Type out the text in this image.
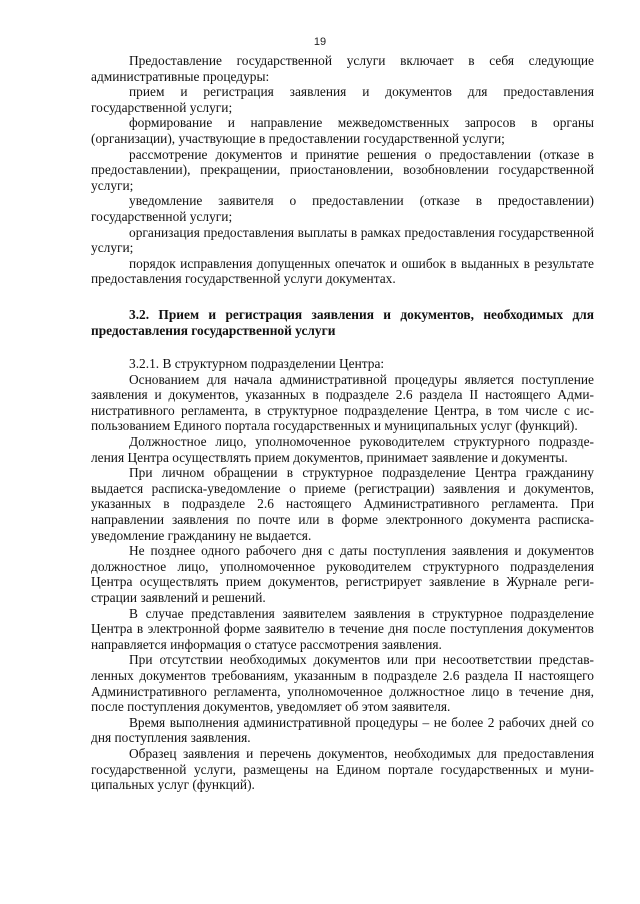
19

Предоставление государственной услуги включает в себя следующие административные процедуры:

прием и регистрация заявления и документов для предоставления государственной услуги;

формирование и направление межведомственных запросов в органы (организации), участвующие в предоставлении государственной услуги;

рассмотрение документов и принятие решения о предоставлении (отказе в предоставлении), прекращении, приостановлении, возобновлении государственной услуги;

уведомление заявителя о предоставлении (отказе в предоставлении) государственной услуги;

организация предоставления выплаты в рамках предоставления государственной услуги;

порядок исправления допущенных опечаток и ошибок в выданных в результате предоставления государственной услуги документах.

3.2. Прием и регистрация заявления и документов, необходимых для предоставления государственной услуги

3.2.1. В структурном подразделении Центра:

Основанием для начала административной процедуры является поступление заявления и документов, указанных в подразделе 2.6 раздела II настоящего Административного регламента, в структурное подразделение Центра, в том числе с использованием Единого портала государственных и муниципальных услуг (функций).

Должностное лицо, уполномоченное руководителем структурного подразделения Центра осуществлять прием документов, принимает заявление и документы.

При личном обращении в структурное подразделение Центра гражданину выдается расписка-уведомление о приеме (регистрации) заявления и документов, указанных в подразделе 2.6 настоящего Административного регламента. При направлении заявления по почте или в форме электронного документа расписка-уведомление гражданину не выдается.

Не позднее одного рабочего дня с даты поступления заявления и документов должностное лицо, уполномоченное руководителем структурного подразделения Центра осуществлять прием документов, регистрирует заявление в Журнале регистрации заявлений и решений.

В случае представления заявителем заявления в структурное подразделение Центра в электронной форме заявителю в течение дня после поступления документов направляется информация о статусе рассмотрения заявления.

При отсутствии необходимых документов или при несоответствии представленных документов требованиям, указанным в подразделе 2.6 раздела II настоящего Административного регламента, уполномоченное должностное лицо в течение дня, после поступления документов, уведомляет об этом заявителя.

Время выполнения административной процедуры – не более 2 рабочих дней со дня поступления заявления.

Образец заявления и перечень документов, необходимых для предоставления государственной услуги, размещены на Едином портале государственных и муниципальных услуг (функций).
